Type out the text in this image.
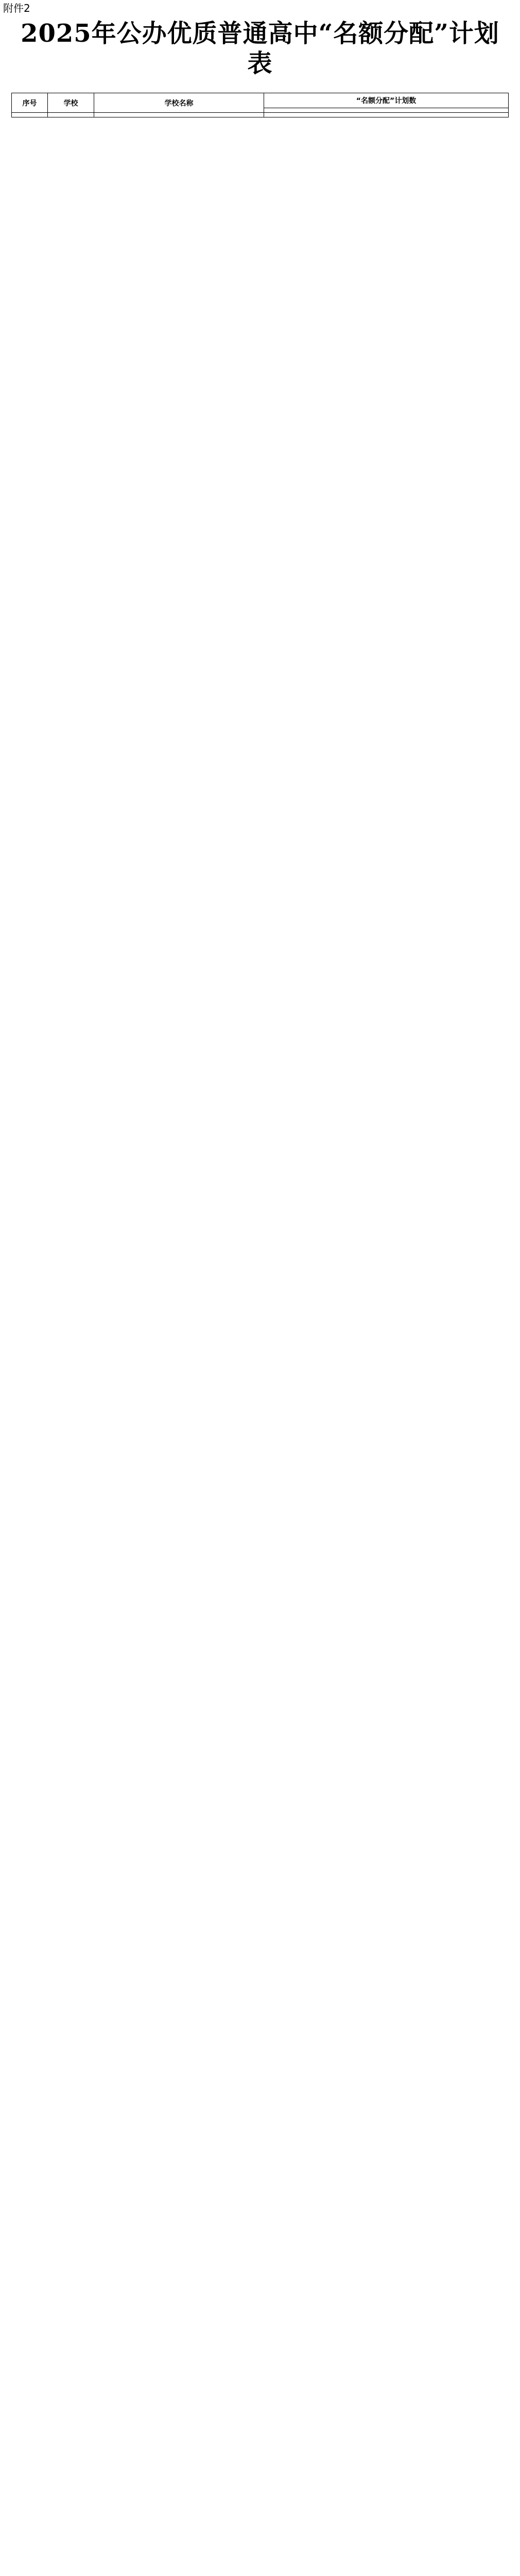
附件2
2025年公办优质普通高中“名额分配”计划表
序号	学校	学校名称	“名额分配”计划数
